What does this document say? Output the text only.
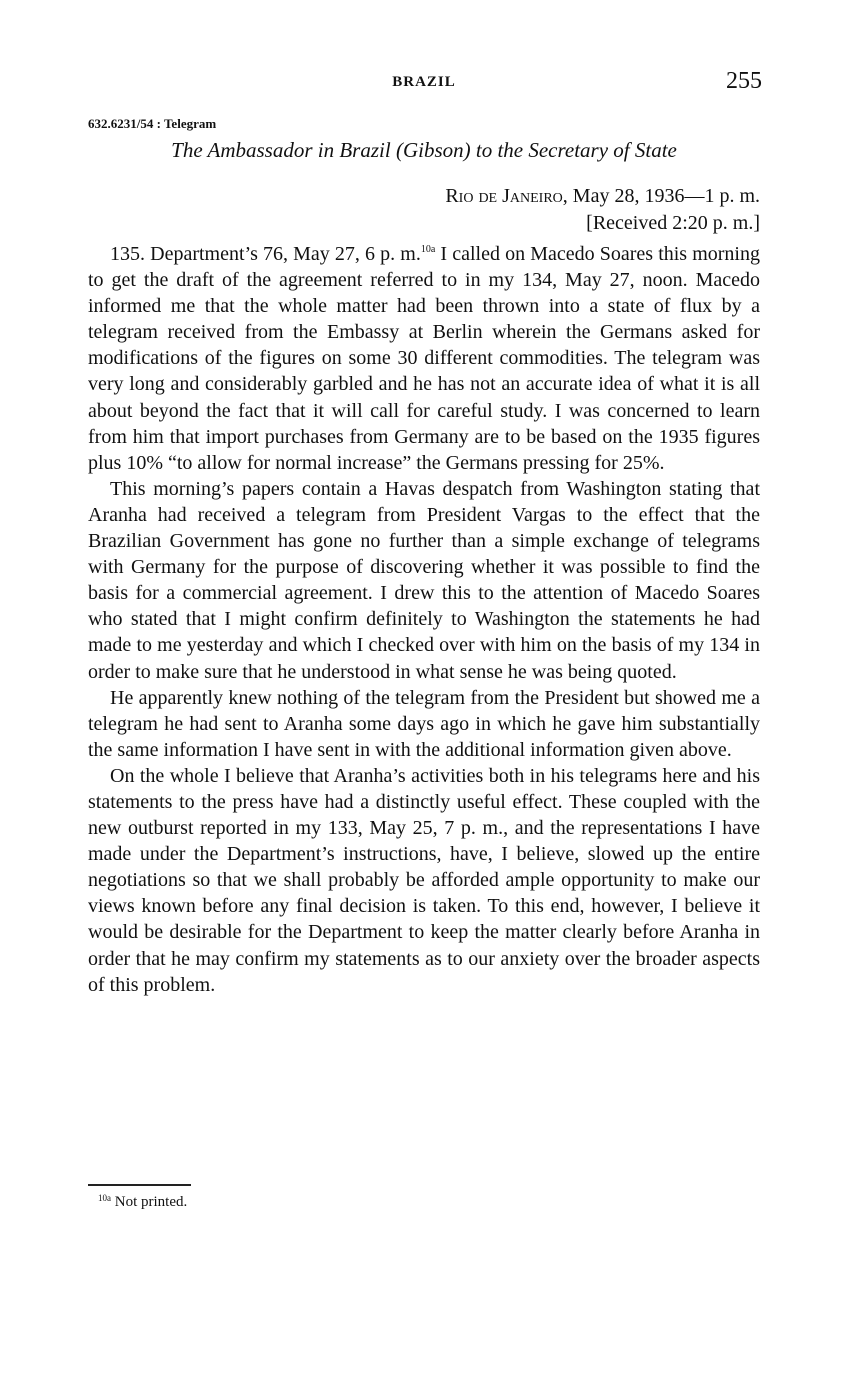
BRAZIL	255
632.6231/54 : Telegram
The Ambassador in Brazil (Gibson) to the Secretary of State
Rio de Janeiro, May 28, 1936—1 p. m.
[Received 2:20 p. m.]

135. Department’s 76, May 27, 6 p. m.$^{10a}$ I called on Macedo Soares this morning to get the draft of the agreement referred to in my 134, May 27, noon. Macedo informed me that the whole matter had been thrown into a state of flux by a telegram received from the Embassy at Berlin wherein the Germans asked for modifications of the figures on some 30 different commodities. The telegram was very long and considerably garbled and he has not an accurate idea of what it is all about beyond the fact that it will call for careful study. I was concerned to learn from him that import purchases from Germany are to be based on the 1935 figures plus 10% “to allow for normal increase” the Germans pressing for 25%.

This morning’s papers contain a Havas despatch from Washington stating that Aranha had received a telegram from President Vargas to the effect that the Brazilian Government has gone no further than a simple exchange of telegrams with Germany for the purpose of discovering whether it was possible to find the basis for a commercial agreement. I drew this to the attention of Macedo Soares who stated that I might confirm definitely to Washington the statements he had made to me yesterday and which I checked over with him on the basis of my 134 in order to make sure that he understood in what sense he was being quoted.

He apparently knew nothing of the telegram from the President but showed me a telegram he had sent to Aranha some days ago in which he gave him substantially the same information I have sent in with the additional information given above.

On the whole I believe that Aranha’s activities both in his telegrams here and his statements to the press have had a distinctly useful effect. These coupled with the new outburst reported in my 133, May 25, 7 p. m., and the representations I have made under the Department’s instructions, have, I believe, slowed up the entire negotiations so that we shall probably be afforded ample opportunity to make our views known before any final decision is taken. To this end, however, I believe it would be desirable for the Department to keep the matter clearly before Aranha in order that he may confirm my statements as to our anxiety over the broader aspects of this problem.

$^{10a}$ Not printed.
